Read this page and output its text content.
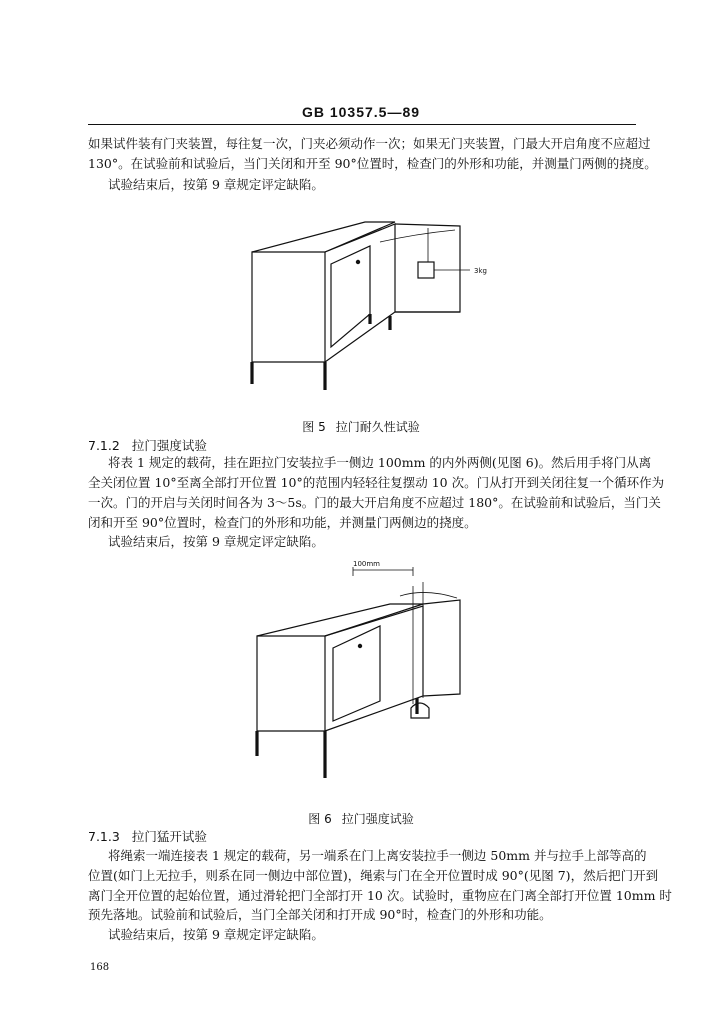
GB 10357.5—89
如果试件装有门夹装置，每往复一次，门夹必须动作一次；如果无门夹装置，门最大开启角度不应超过
130°。在试验前和试验后，当门关闭和开至 90°位置时，检查门的外形和功能，并测量门两侧的挠度。
试验结束后，按第 9 章规定评定缺陷。
3kg
图 5 拉门耐久性试验
7.1.2 拉门强度试验
将表 1 规定的载荷，挂在距拉门安装拉手一侧边 100mm 的内外两侧(见图 6)。然后用手将门从离
全关闭位置 10°至离全部打开位置 10°的范围内轻轻往复摆动 10 次。门从打开到关闭往复一个循环作为
一次。门的开启与关闭时间各为 3～5s。门的最大开启角度不应超过 180°。在试验前和试验后，当门关
闭和开至 90°位置时，检查门的外形和功能，并测量门两侧边的挠度。
试验结束后，按第 9 章规定评定缺陷。
100mm
图 6 拉门强度试验
7.1.3 拉门猛开试验
将绳索一端连接表 1 规定的载荷，另一端系在门上离安装拉手一侧边 50mm 并与拉手上部等高的
位置(如门上无拉手，则系在同一侧边中部位置)，绳索与门在全开位置时成 90°(见图 7)，然后把门开到
离门全开位置的起始位置，通过滑轮把门全部打开 10 次。试验时，重物应在门离全部打开位置 10mm 时
预先落地。试验前和试验后，当门全部关闭和打开成 90°时，检查门的外形和功能。
试验结束后，按第 9 章规定评定缺陷。
168
